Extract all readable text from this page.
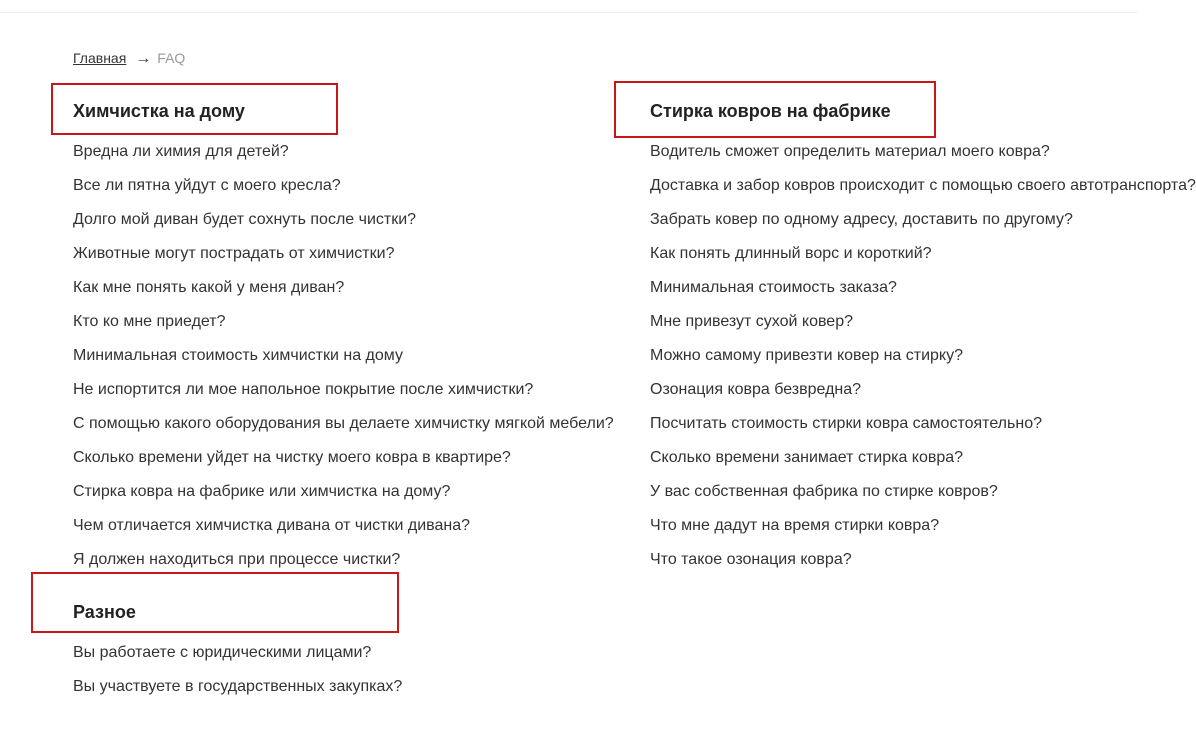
Главная → FAQ
Химчистка на дому
Вредна ли химия для детей?
Все ли пятна уйдут с моего кресла?
Долго мой диван будет сохнуть после чистки?
Животные могут пострадать от химчистки?
Как мне понять какой у меня диван?
Кто ко мне приедет?
Минимальная стоимость химчистки на дому
Не испортится ли мое напольное покрытие после химчистки?
С помощью какого оборудования вы делаете химчистку мягкой мебели?
Сколько времени уйдет на чистку моего ковра в квартире?
Стирка ковра на фабрике или химчистка на дому?
Чем отличается химчистка дивана от чистки дивана?
Я должен находиться при процессе чистки?
Стирка ковров на фабрике
Водитель сможет определить материал моего ковра?
Доставка и забор ковров происходит с помощью своего автотранспорта?
Забрать ковер по одному адресу, доставить по другому?
Как понять длинный ворс и короткий?
Минимальная стоимость заказа?
Мне привезут сухой ковер?
Можно самому привезти ковер на стирку?
Озонация ковра безвредна?
Посчитать стоимость стирки ковра самостоятельно?
Сколько времени занимает стирка ковра?
У вас собственная фабрика по стирке ковров?
Что мне дадут на время стирки ковра?
Что такое озонация ковра?
Разное
Вы работаете с юридическими лицами?
Вы участвуете в государственных закупках?
